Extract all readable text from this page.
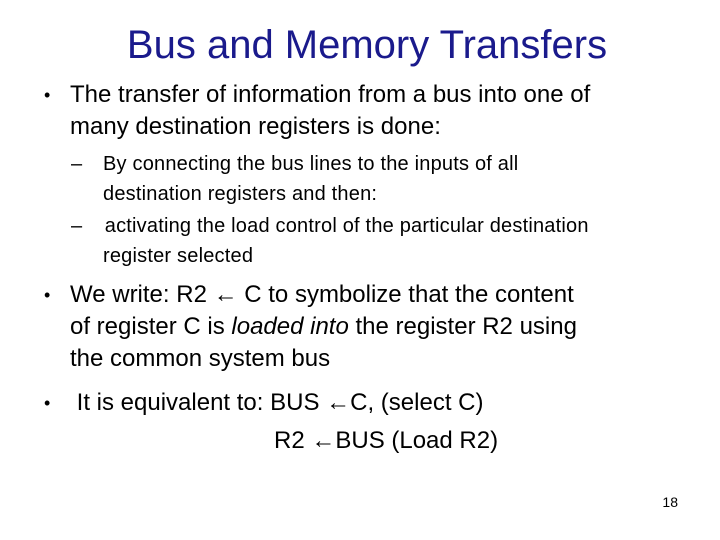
Bus and Memory Transfers
• The transfer of information from a bus into one of
many destination registers is done:
– By connecting the bus lines to the inputs of all
destination registers and then:
– activating the load control of the particular destination
register selected
• We write: R2 ← C to symbolize that the content
of register C is loaded into the register R2 using
the common system bus
• It is equivalent to: BUS ←C, (select C)
R2 ←BUS (Load R2)
18
